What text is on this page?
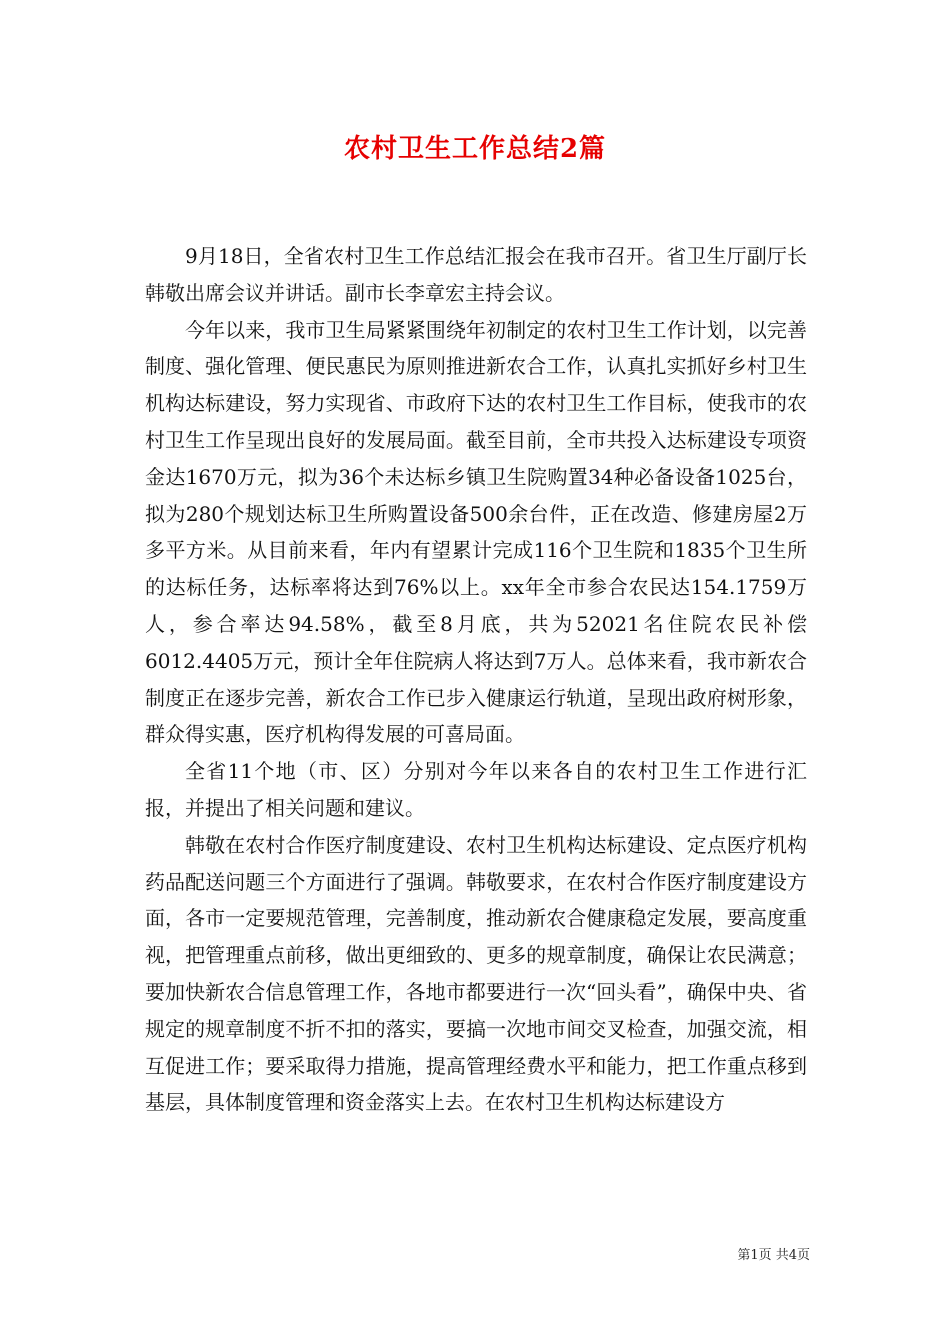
农村卫生工作总结2篇

9月18日，全省农村卫生工作总结汇报会在我市召开。省卫生厅副厅长韩敬出席会议并讲话。副市长李章宏主持会议。

今年以来，我市卫生局紧紧围绕年初制定的农村卫生工作计划，以完善制度、强化管理、便民惠民为原则推进新农合工作，认真扎实抓好乡村卫生机构达标建设，努力实现省、市政府下达的农村卫生工作目标，使我市的农村卫生工作呈现出良好的发展局面。截至目前，全市共投入达标建设专项资金达1670万元，拟为36个未达标乡镇卫生院购置34种必备设备1025台，拟为280个规划达标卫生所购置设备500余台件，正在改造、修建房屋2万多平方米。从目前来看，年内有望累计完成116个卫生院和1835个卫生所的达标任务，达标率将达到76%以上。xx年全市参合农民达154.1759万人，参合率达94.58%，截至8月底，共为52021名住院农民补偿6012.4405万元，预计全年住院病人将达到7万人。总体来看，我市新农合制度正在逐步完善，新农合工作已步入健康运行轨道，呈现出政府树形象，群众得实惠，医疗机构得发展的可喜局面。

全省11个地（市、区）分别对今年以来各自的农村卫生工作进行汇报，并提出了相关问题和建议。

韩敬在农村合作医疗制度建设、农村卫生机构达标建设、定点医疗机构药品配送问题三个方面进行了强调。韩敬要求，在农村合作医疗制度建设方面，各市一定要规范管理，完善制度，推动新农合健康稳定发展，要高度重视，把管理重点前移，做出更细致的、更多的规章制度，确保让农民满意；要加快新农合信息管理工作，各地市都要进行一次“回头看”，确保中央、省规定的规章制度不折不扣的落实，要搞一次地市间交叉检查，加强交流，相互促进工作；要采取得力措施，提高管理经费水平和能力，把工作重点移到基层，具体制度管理和资金落实上去。在农村卫生机构达标建设方

第1页 共4页
